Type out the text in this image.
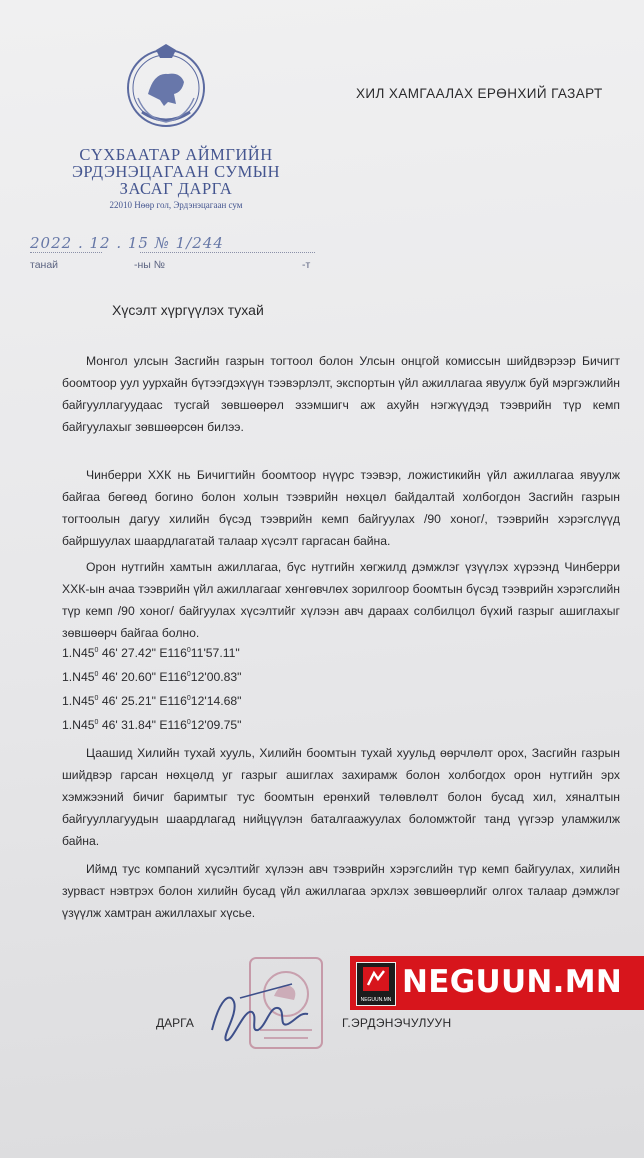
СҮХБААТАР АЙМГИЙН
ЭРДЭНЭЦАГААН СУМЫН
ЗАСАГ ДАРГА
22010 Нөөр гол, Эрдэнэцагаан сум
ХИЛ ХАМГААЛАХ ЕРӨНХИЙ ГАЗАРТ
2022 . 12 . 15 № 1/244
танай	-ны №	-т
Хүсэлт хүргүүлэх тухай
Монгол улсын Засгийн газрын тогтоол болон Улсын онцгой комиссын шийдвэрээр Бичигт боомтоор уул уурхайн бүтээгдэхүүн тээвэрлэлт, экспортын үйл ажиллагаа явуулж буй мэргэжлийн байгууллагуудаас тусгай зөвшөөрөл эзэмшигч аж ахуйн нэгжүүдэд тээврийн түр кемп байгуулахыг зөвшөөрсөн билээ.
Чинберри ХХК нь Бичигтийн боомтоор нүүрс тээвэр, ложистикийн үйл ажиллагаа явуулж байгаа бөгөөд богино болон холын тээврийн нөхцөл байдалтай холбогдон Засгийн газрын тогтоолын дагуу хилийн бүсэд тээврийн кемп байгуулах /90 хоног/, тээврийн хэрэгслүүд байршуулах шаардлагатай талаар хүсэлт гаргасан байна.
Орон нутгийн хамтын ажиллагаа, бүс нутгийн хөгжилд дэмжлэг үзүүлэх хүрээнд Чинберри ХХК-ын ачаа тээврийн үйл ажиллагааг хөнгөвчлөх зорилгоор боомтын бүсэд тээврийн хэрэгслийн түр кемп /90 хоног/ байгуулах хүсэлтийг хүлээн авч дараах солбилцол бүхий газрыг ашиглахыг зөвшөөрч байгаа болно.
$1.N45^0$ 46' 27.42" $E116^011'57.11$"
$1.N45^0$ 46' 20.60" $E116^012'00.83$"
$1.N45^0$ 46' 25.21" $E116^012'14.68$"
$1.N45^0$ 46' 31.84" $E116^012'09.75$"
Цаашид Хилийн тухай хууль, Хилийн боомтын тухай хуульд өөрчлөлт орох, Засгийн газрын шийдвэр гарсан нөхцөлд уг газрыг ашиглах захирамж болон холбогдох орон нутгийн эрх хэмжээний бичиг баримтыг тус боомтын ерөнхий төлөвлөлт болон бусад хил, хяналтын байгууллагуудын шаардлагад нийцүүлэн баталгаажуулах боломжтойг танд үүгээр уламжилж байна.
Иймд тус компаний хүсэлтийг хүлээн авч тээврийн хэрэгслийн түр кемп байгуулах, хилийн зурваст нэвтрэх болон хилийн бусад үйл ажиллагаа эрхлэх зөвшөөрлийг олгох талаар дэмжлэг үзүүлж хамтран ажиллахыг хүсье.
ДАРГА	Г.ЭРДЭНЭЧУЛУУН
NEGUUN.MN NEGUUN.MN
